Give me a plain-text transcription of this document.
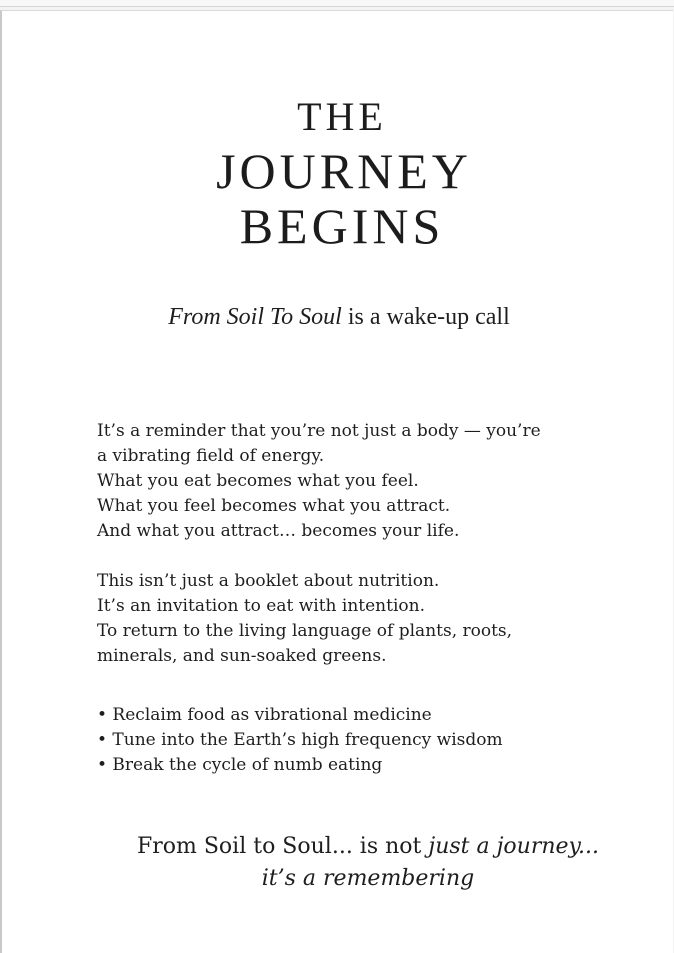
THE
JOURNEY
BEGINS
From Soil To Soul is a wake-up call
It’s a reminder that you’re not just a body — you’re
a vibrating field of energy.
What you eat becomes what you feel.
What you feel becomes what you attract.
And what you attract… becomes your life.
This isn’t just a booklet about nutrition.
It’s an invitation to eat with intention.
To return to the living language of plants, roots,
minerals, and sun-soaked greens.
• Reclaim food as vibrational medicine
• Tune into the Earth’s high frequency wisdom
• Break the cycle of numb eating
From Soil to Soul... is not just a journey...
it’s a remembering
